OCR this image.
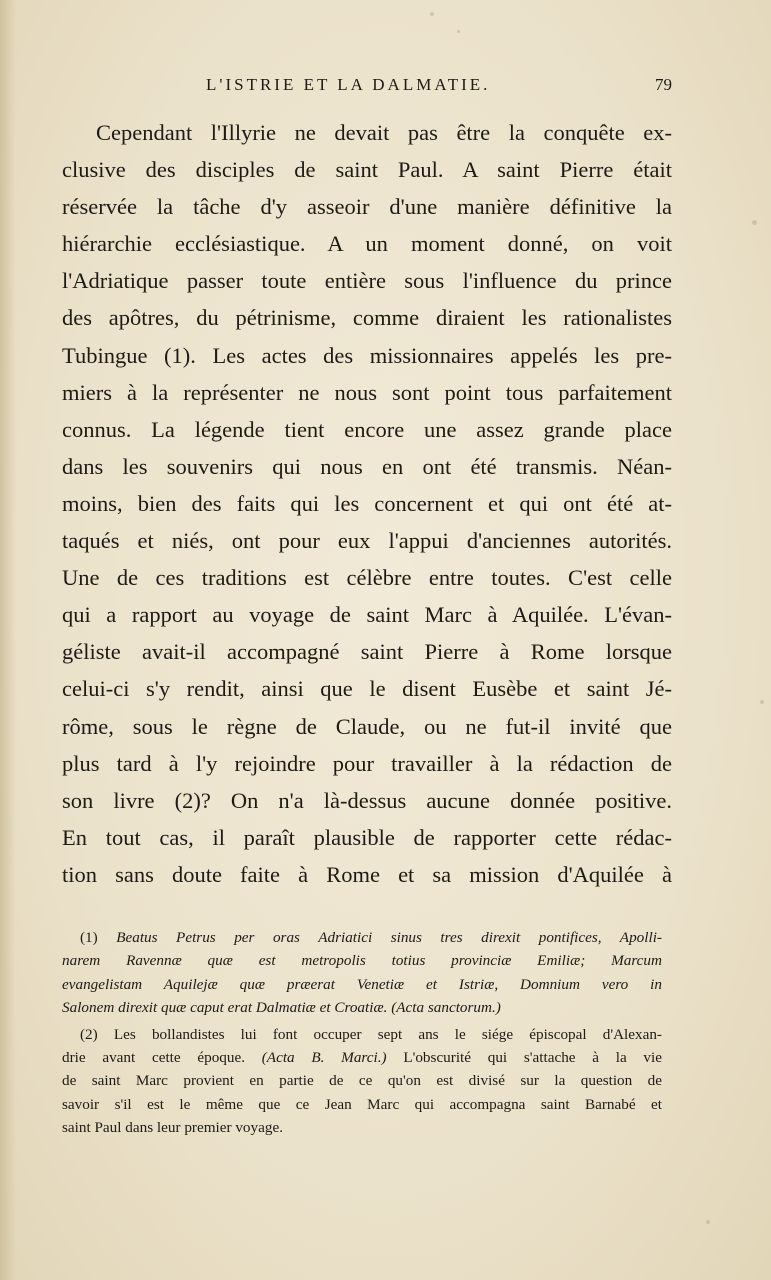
L'ISTRIE ET LA DALMATIE.	79
Cependant l'Illyrie ne devait pas être la conquête ex-
clusive des disciples de saint Paul. A saint Pierre était
réservée la tâche d'y asseoir d'une manière définitive la
hiérarchie ecclésiastique. A un moment donné, on voit
l'Adriatique passer toute entière sous l'influence du prince
des apôtres, du pétrinisme, comme diraient les rationalistes
Tubingue (1). Les actes des missionnaires appelés les pre-
miers à la représenter ne nous sont point tous parfaitement
connus. La légende tient encore une assez grande place
dans les souvenirs qui nous en ont été transmis. Néan-
moins, bien des faits qui les concernent et qui ont été at-
taqués et niés, ont pour eux l'appui d'anciennes autorités.
Une de ces traditions est célèbre entre toutes. C'est celle
qui a rapport au voyage de saint Marc à Aquilée. L'évan-
géliste avait-il accompagné saint Pierre à Rome lorsque
celui-ci s'y rendit, ainsi que le disent Eusèbe et saint Jé-
rôme, sous le règne de Claude, ou ne fut-il invité que
plus tard à l'y rejoindre pour travailler à la rédaction de
son livre (2)? On n'a là-dessus aucune donnée positive.
En tout cas, il paraît plausible de rapporter cette rédac-
tion sans doute faite à Rome et sa mission d'Aquilée à
(1) Beatus Petrus per oras Adriatici sinus tres direxit pontifices, Apolli-
narem Ravennæ quæ est metropolis totius provinciæ Emiliæ; Marcum
evangelistam Aquilejæ quæ præerat Venetiæ et Istriæ, Domnium vero in
Salonem direxit quæ caput erat Dalmatiæ et Croatiæ. (Acta sanctorum.)
(2) Les bollandistes lui font occuper sept ans le siége épiscopal d'Alexan-
drie avant cette époque. (Acta B. Marci.) L'obscurité qui s'attache à la vie
de saint Marc provient en partie de ce qu'on est divisé sur la question de
savoir s'il est le même que ce Jean Marc qui accompagna saint Barnabé et
saint Paul dans leur premier voyage.
